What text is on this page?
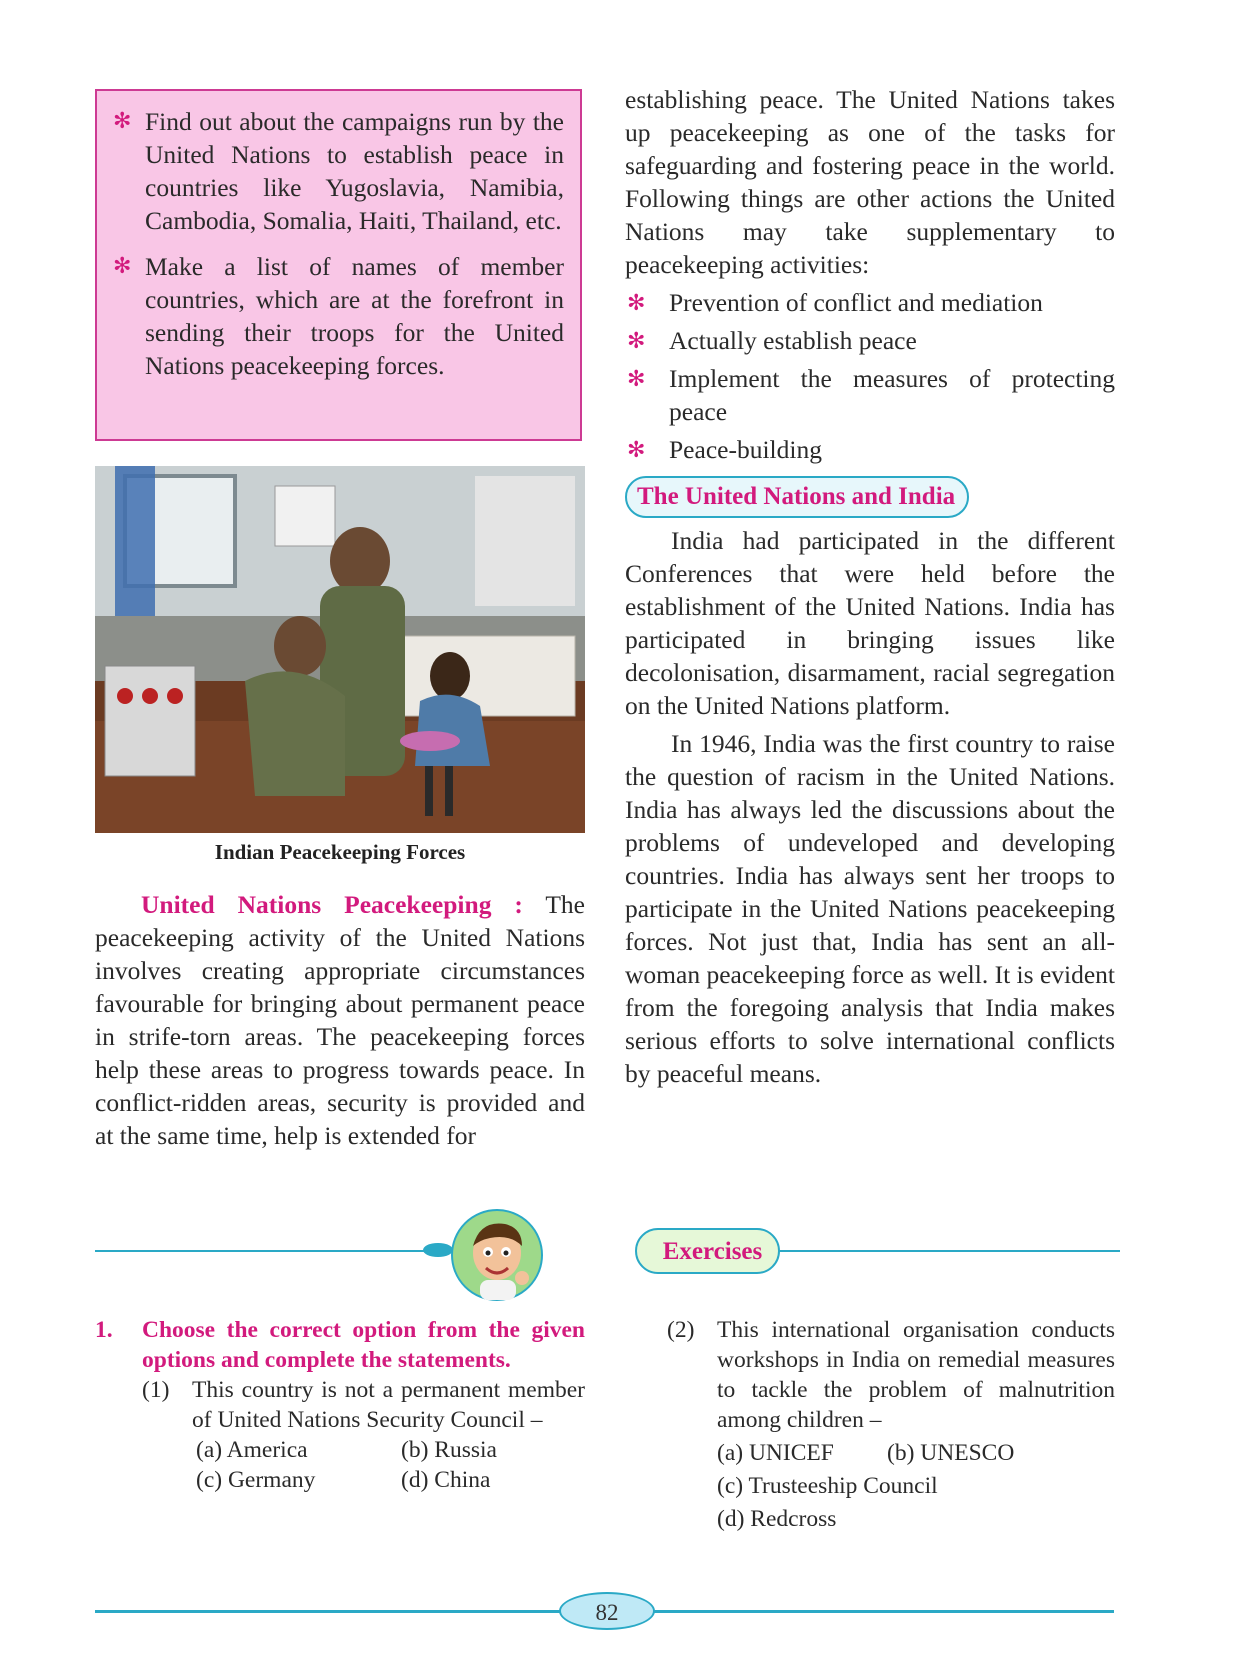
✻ Find out about the campaigns run by the United Nations to establish peace in countries like Yugoslavia, Namibia, Cambodia, Somalia, Haiti, Thailand, etc.
✻ Make a list of names of member countries, which are at the forefront in sending their troops for the United Nations peacekeeping forces.
Indian Peacekeeping Forces
United Nations Peacekeeping : The peacekeeping activity of the United Nations involves creating appropriate circumstances favourable for bringing about permanent peace in strife-torn areas. The peacekeeping forces help these areas to progress towards peace. In conflict-ridden areas, security is provided and at the same time, help is extended for
establishing peace. The United Nations takes up peacekeeping as one of the tasks for safeguarding and fostering peace in the world. Following things are other actions the United Nations may take supplementary to peacekeeping activities:
✻ Prevention of conflict and mediation
✻ Actually establish peace
✻ Implement the measures of protecting peace
✻ Peace-building
The United Nations and India
India had participated in the different Conferences that were held before the establishment of the United Nations. India has participated in bringing issues like decolonisation, disarmament, racial segregation on the United Nations platform.
In 1946, India was the first country to raise the question of racism in the United Nations. India has always led the discussions about the problems of undeveloped and developing countries. India has always sent her troops to participate in the United Nations peacekeeping forces. Not just that, India has sent an all-woman peacekeeping force as well. It is evident from the foregoing analysis that India makes serious efforts to solve international conflicts by peaceful means.
Exercises
1.	Choose the correct option from the given options and complete the statements.
(1) This country is not a permanent member of United Nations Security Council –
(a) America	(b) Russia
(c) Germany	(d) China
(2) This international organisation conducts workshops in India on remedial measures to tackle the problem of malnutrition among children –
(a) UNICEF	(b) UNESCO
(c) Trusteeship Council
(d) Redcross
82
